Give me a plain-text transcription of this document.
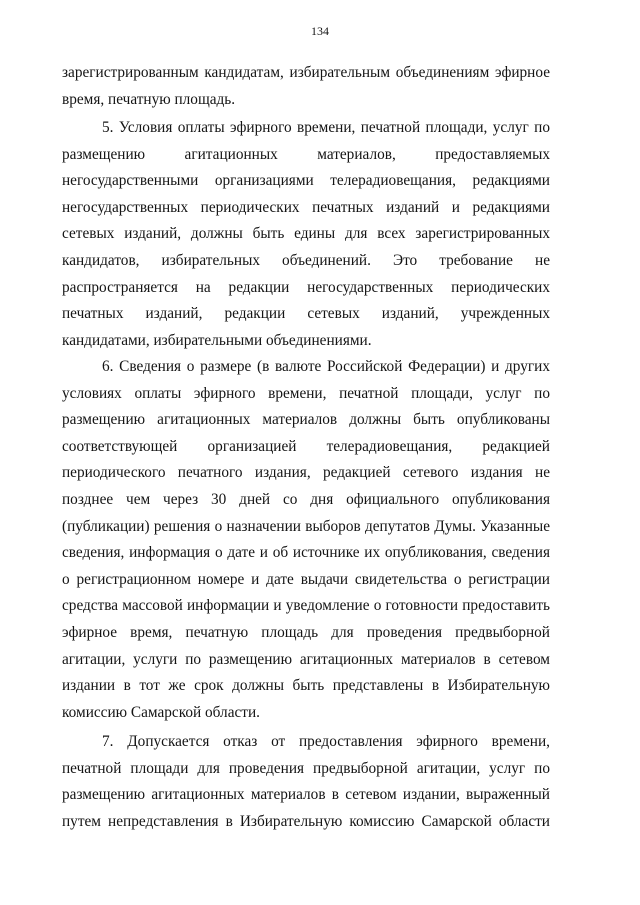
134

зарегистрированным кандидатам, избирательным объединениям эфирное время, печатную площадь.

5. Условия оплаты эфирного времени, печатной площади, услуг по размещению агитационных материалов, предоставляемых негосударственными организациями телерадиовещания, редакциями негосударственных периодических печатных изданий и редакциями сетевых изданий, должны быть едины для всех зарегистрированных кандидатов, избирательных объединений. Это требование не распространяется на редакции негосударственных периодических печатных изданий, редакции сетевых изданий, учрежденных кандидатами, избирательными объединениями.

6. Сведения о размере (в валюте Российской Федерации) и других условиях оплаты эфирного времени, печатной площади, услуг по размещению агитационных материалов должны быть опубликованы соответствующей организацией телерадиовещания, редакцией периодического печатного издания, редакцией сетевого издания не позднее чем через 30 дней со дня официального опубликования (публикации) решения о назначении выборов депутатов Думы. Указанные сведения, информация о дате и об источнике их опубликования, сведения о регистрационном номере и дате выдачи свидетельства о регистрации средства массовой информации и уведомление о готовности предоставить эфирное время, печатную площадь для проведения предвыборной агитации, услуги по размещению агитационных материалов в сетевом издании в тот же срок должны быть представлены в Избирательную комиссию Самарской области.

7. Допускается отказ от предоставления эфирного времени, печатной площади для проведения предвыборной агитации, услуг по размещению агитационных материалов в сетевом издании, выраженный путем непредставления в Избирательную комиссию Самарской области
